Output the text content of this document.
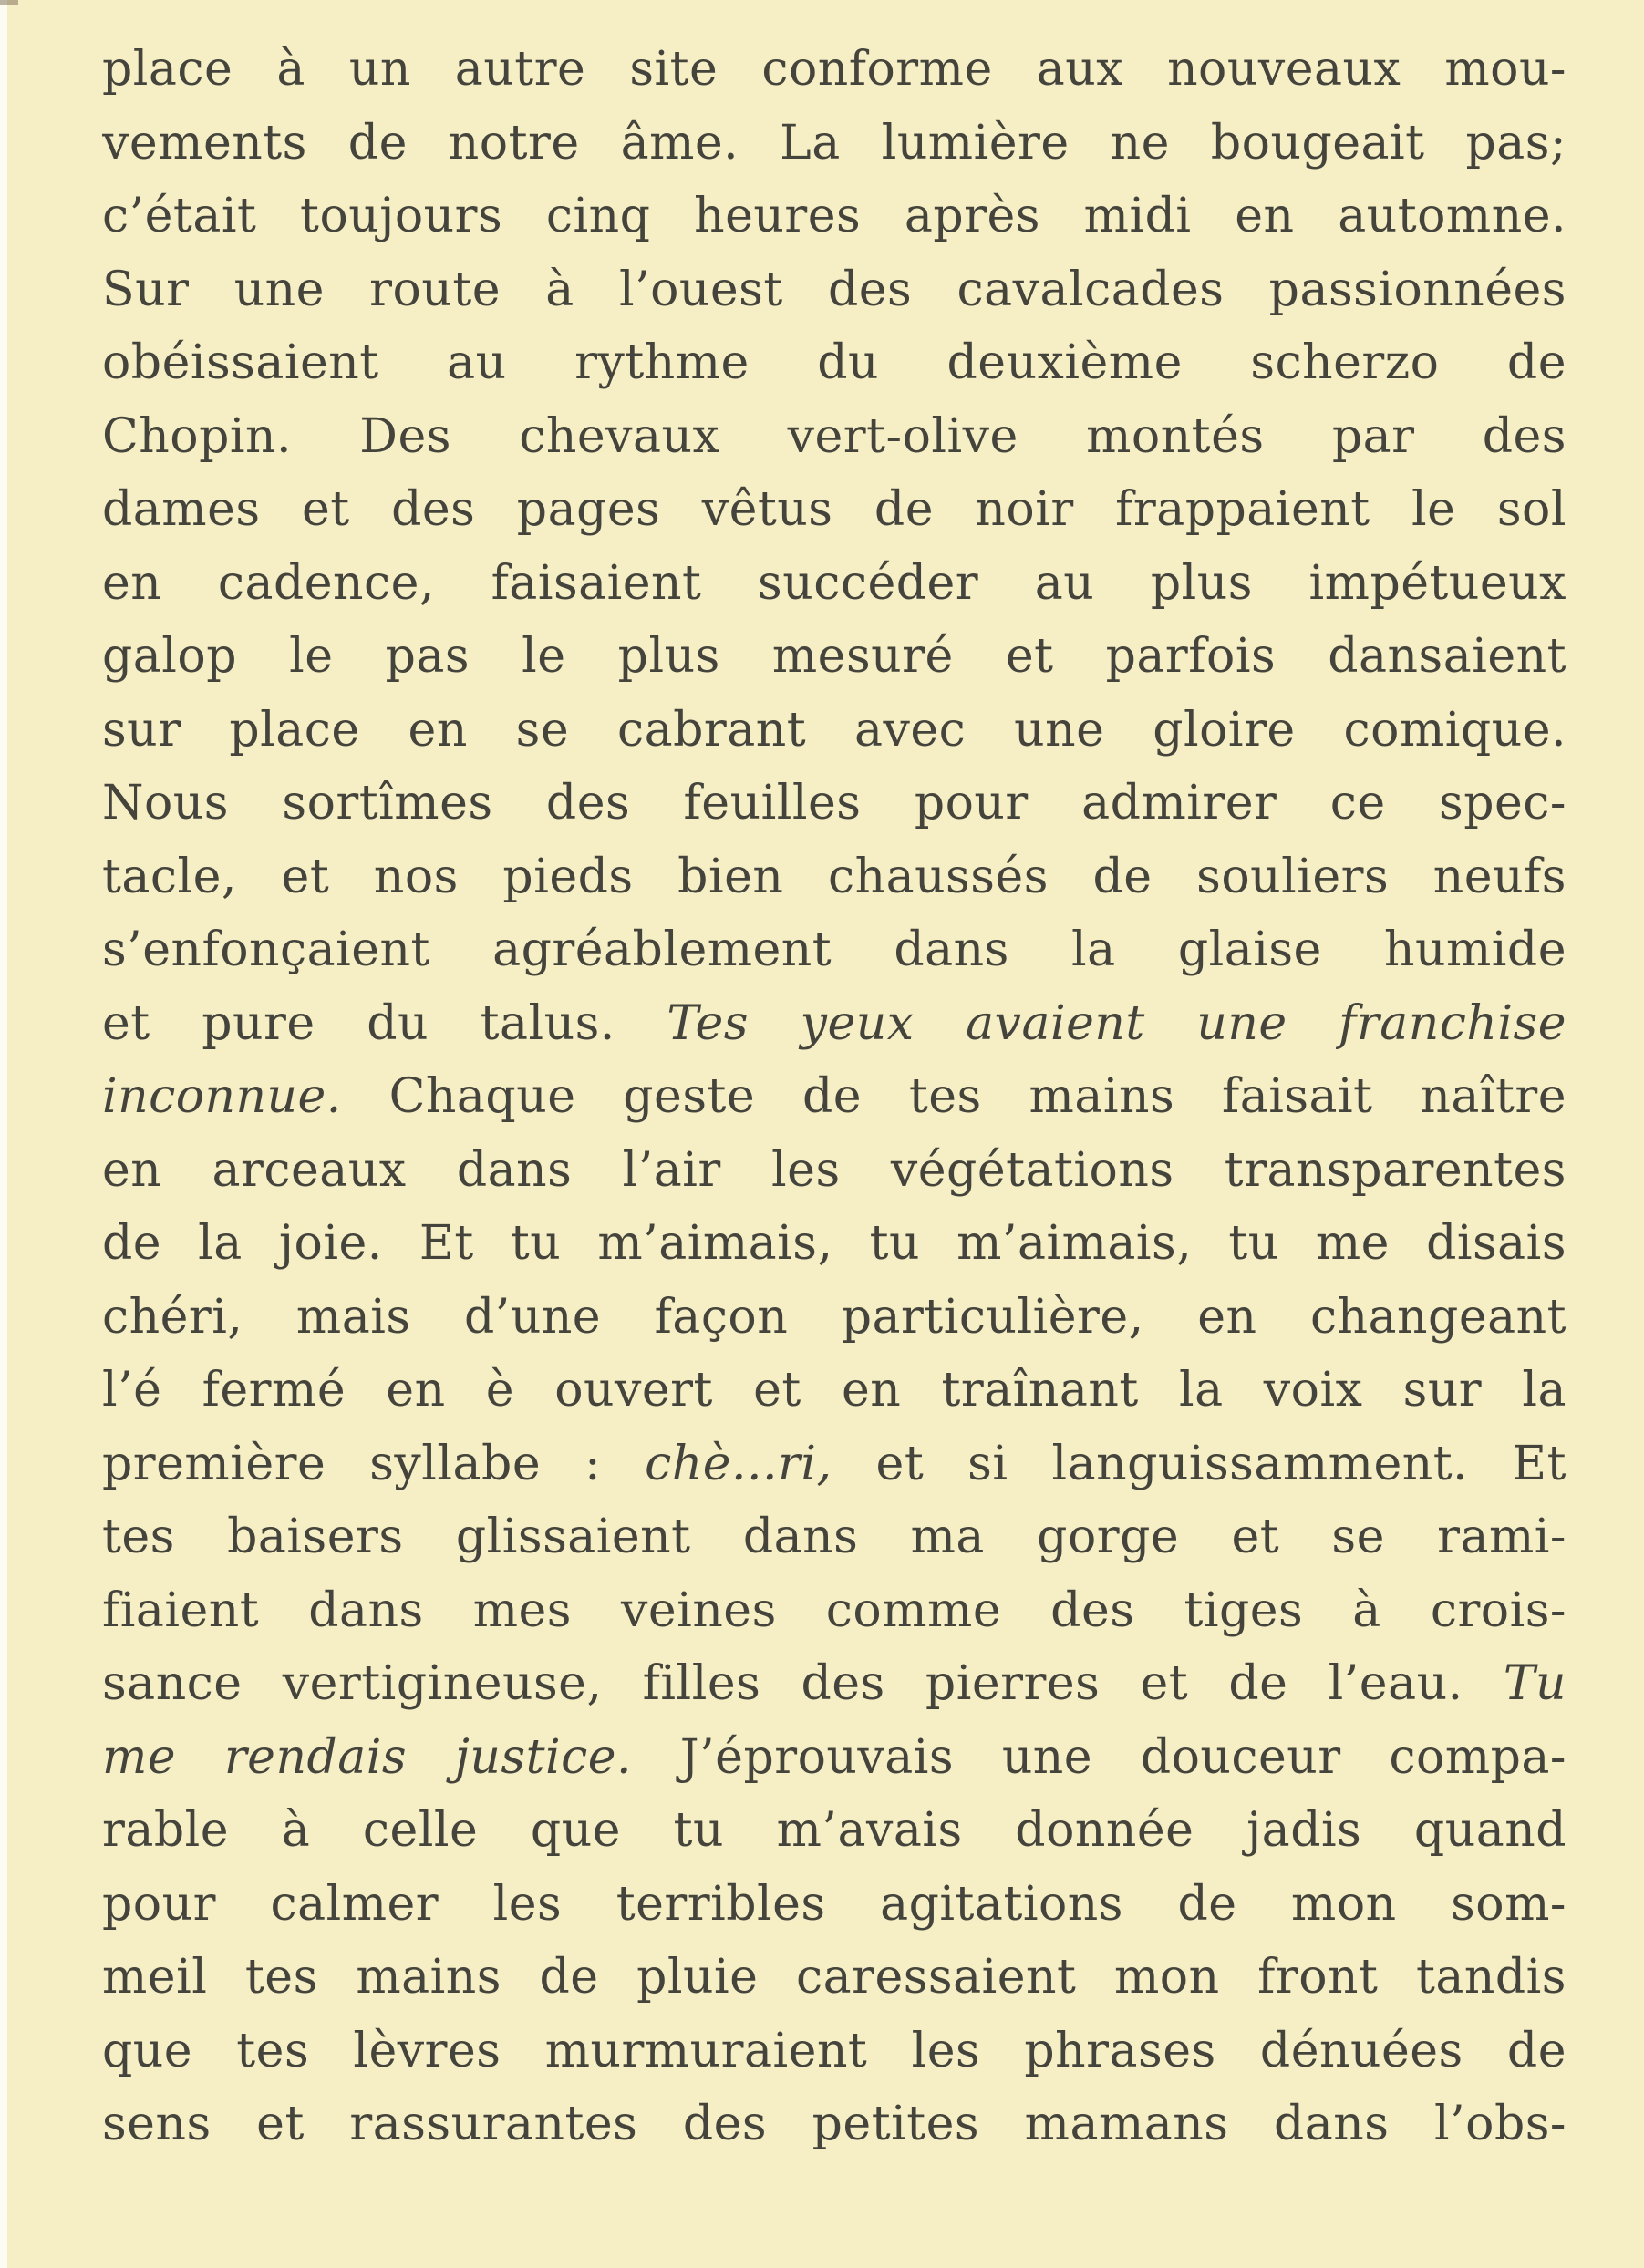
place à un autre site conforme aux nouveaux mou-
vements de notre âme. La lumière ne bougeait pas;
c’était toujours cinq heures après midi en automne.
Sur une route à l’ouest des cavalcades passionnées
obéissaient au rythme du deuxième scherzo de
Chopin. Des chevaux vert-olive montés par des
dames et des pages vêtus de noir frappaient le sol
en cadence, faisaient succéder au plus impétueux
galop le pas le plus mesuré et parfois dansaient
sur place en se cabrant avec une gloire comique.
Nous sortîmes des feuilles pour admirer ce spec-
tacle, et nos pieds bien chaussés de souliers neufs
s’enfonçaient agréablement dans la glaise humide
et pure du talus. Tes yeux avaient une franchise
inconnue. Chaque geste de tes mains faisait naître
en arceaux dans l’air les végétations transparentes
de la joie. Et tu m’aimais, tu m’aimais, tu me disais
chéri, mais d’une façon particulière, en changeant
l’é fermé en è ouvert et en traînant la voix sur la
première syllabe : chè...ri, et si languissamment. Et
tes baisers glissaient dans ma gorge et se rami-
fiaient dans mes veines comme des tiges à crois-
sance vertigineuse, filles des pierres et de l’eau. Tu
me rendais justice. J’éprouvais une douceur compa-
rable à celle que tu m’avais donnée jadis quand
pour calmer les terribles agitations de mon som-
meil tes mains de pluie caressaient mon front tandis
que tes lèvres murmuraient les phrases dénuées de
sens et rassurantes des petites mamans dans l’obs-
